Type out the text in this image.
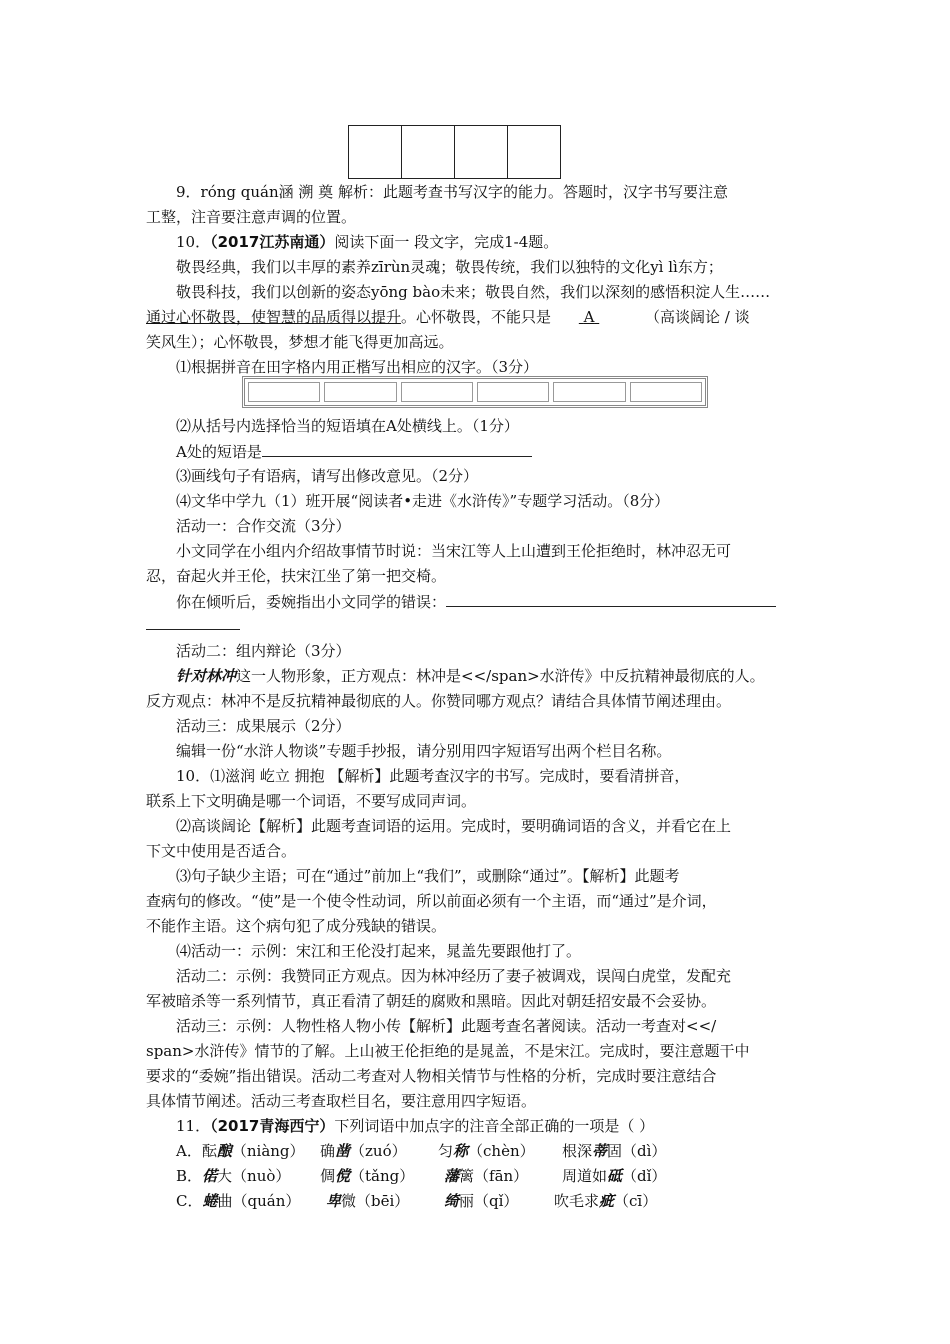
9．róng quán涵 溯 奠 解析：此题考查书写汉字的能力。答题时，汉字书写要注意
工整，注音要注意声调的位置。
10．（2017江苏南通）阅读下面一 段文字，完成1-4题。
敬畏经典，我们以丰厚的素养zīrùn灵魂；敬畏传统，我们以独特的文化yì lì东方；
敬畏科技，我们以创新的姿态yōng bào未来；敬畏自然，我们以深刻的感悟积淀人生……
通过心怀敬畏，使智慧的品质得以提升。心怀敬畏，不能只是 A	（高谈阔论 / 谈
笑风生）；心怀敬畏，梦想才能飞得更加高远。
⑴根据拼音在田字格内用正楷写出相应的汉字。（3分）
⑵从括号内选择恰当的短语填在A处横线上。（1分）
A处的短语是
⑶画线句子有语病，请写出修改意见。（2分）
⑷文华中学九（1）班开展“阅读者•走进《水浒传》”专题学习活动。（8分）
活动一：合作交流（3分）
小文同学在小组内介绍故事情节时说：当宋江等人上山遭到王伦拒绝时，林冲忍无可
忍，奋起火并王伦，扶宋江坐了第一把交椅。
你在倾听后，委婉指出小文同学的错误：
活动二：组内辩论（3分）
针对林冲这一人物形象，正方观点：林冲是<</span>水浒传》中反抗精神最彻底的人。
反方观点：林冲不是反抗精神最彻底的人。你赞同哪方观点？请结合具体情节阐述理由。
活动三：成果展示（2分）
编辑一份“水浒人物谈”专题手抄报，请分别用四字短语写出两个栏目名称。
10．⑴滋润 屹立 拥抱 【解析】此题考查汉字的书写。完成时，要看清拼音，
联系上下文明确是哪一个词语，不要写成同声词。
⑵高谈阔论【解析】此题考查词语的运用。完成时，要明确词语的含义，并看它在上
下文中使用是否适合。
⑶句子缺少主语；可在“通过”前加上“我们”，或删除“通过”。【解析】此题考
查病句的修改。“使”是一个使令性动词，所以前面必须有一个主语，而“通过”是介词，
不能作主语。这个病句犯了成分残缺的错误。
⑷活动一：示例：宋江和王伦没打起来，晁盖先要跟他打了。
活动二：示例：我赞同正方观点。因为林冲经历了妻子被调戏，误闯白虎堂，发配充
军被暗杀等一系列情节，真正看清了朝廷的腐败和黑暗。因此对朝廷招安最不会妥协。
活动三：示例：人物性格人物小传【解析】此题考查名著阅读。活动一考查对<</
span>水浒传》情节的了解。上山被王伦拒绝的是晁盖，不是宋江。完成时，要注意题干中
要求的“委婉”指出错误。活动二考查对人物相关情节与性格的分析，完成时要注意结合
具体情节阐述。活动三考查取栏目名，要注意用四字短语。
11．（2017青海西宁）下列词语中加点字的注音全部正确的一项是（ ）
A．酝酿（niàng） 确凿（zuó） 匀称（chèn） 根深蒂固（dì）
B．偌大（nuò） 倜傥（tǎng） 藩篱（fān） 周道如砥（dǐ）
C．蜷曲（quán） 卑微（bēi） 绮丽（qǐ） 吹毛求疵（cī）
